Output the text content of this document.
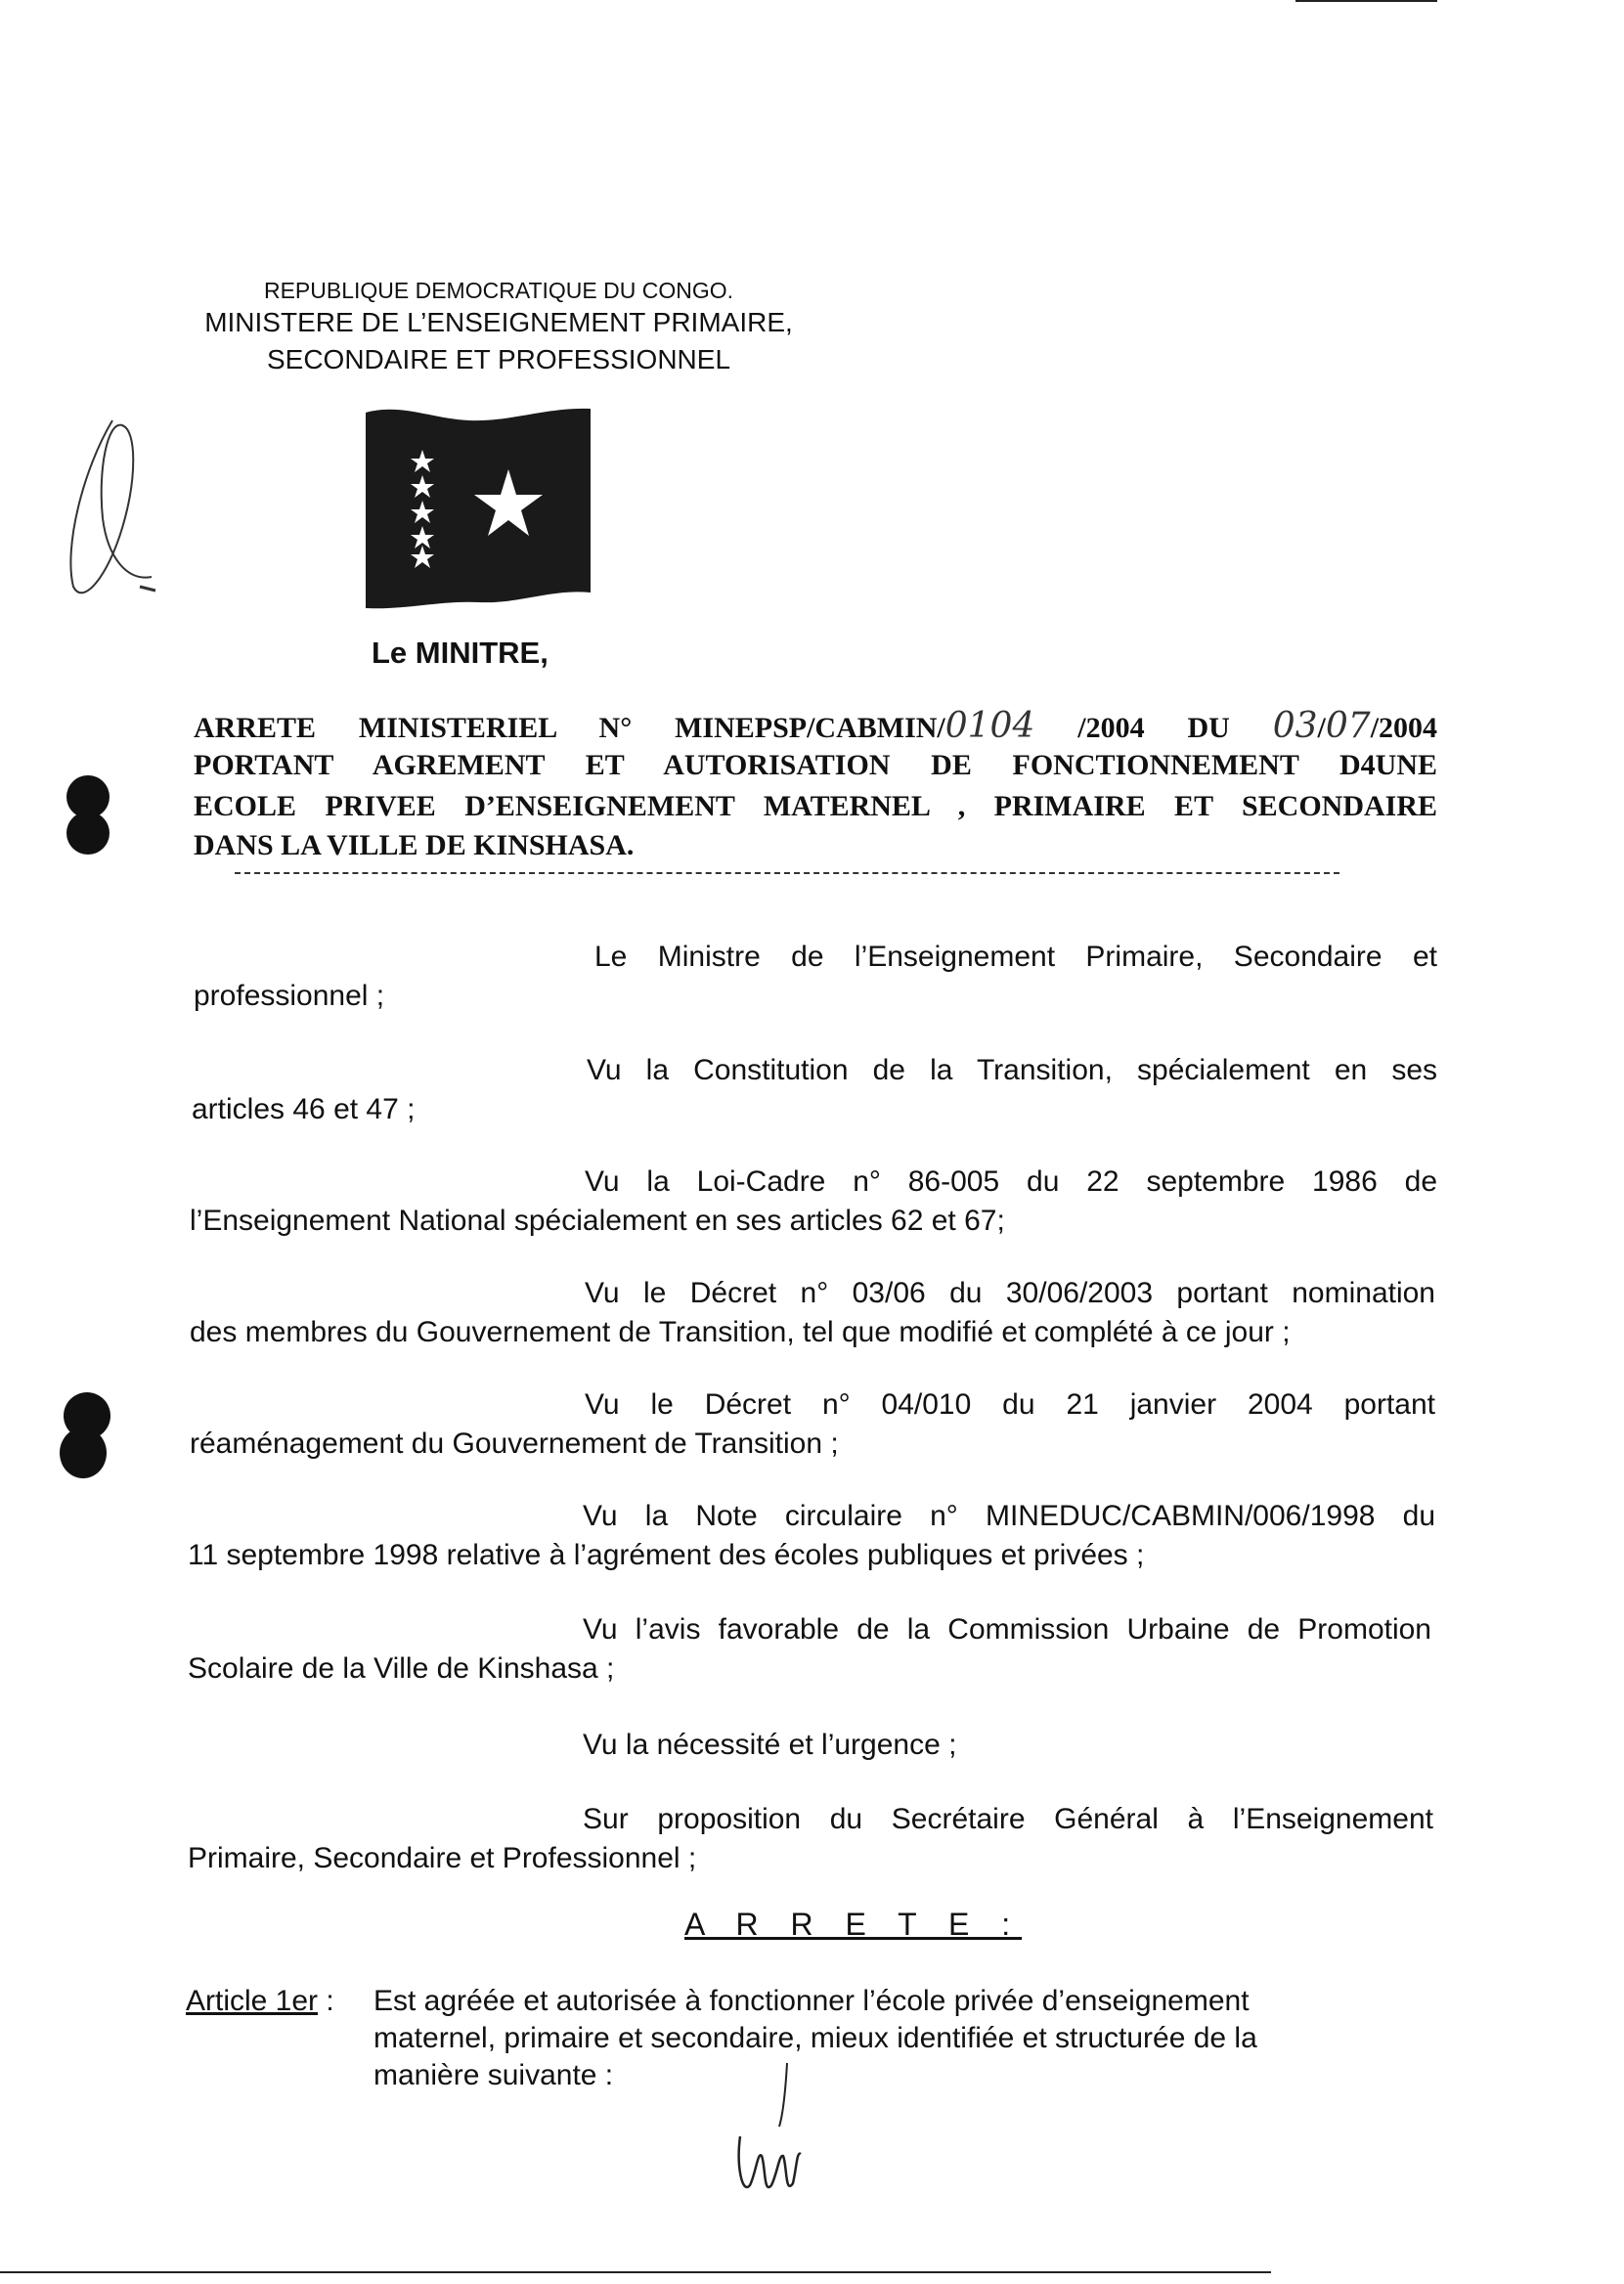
REPUBLIQUE DEMOCRATIQUE DU CONGO.
MINISTERE DE L’ENSEIGNEMENT PRIMAIRE,
SECONDAIRE ET PROFESSIONNEL
Le MINITRE,
ARRETE MINISTERIEL N° MINEPSP/CABMIN/0104 /2004 DU 03/07/2004
PORTANT AGREMENT ET AUTORISATION DE FONCTIONNEMENT D4UNE
ECOLE PRIVEE D’ENSEIGNEMENT MATERNEL , PRIMAIRE ET SECONDAIRE
DANS LA VILLE DE KINSHASA.
Le Ministre de l’Enseignement Primaire, Secondaire et
professionnel ;
Vu la Constitution de la Transition, spécialement en ses
articles 46 et 47 ;
Vu la Loi-Cadre n° 86-005 du 22 septembre 1986 de
l’Enseignement National spécialement en ses articles 62 et 67;
Vu le Décret n° 03/06 du 30/06/2003 portant nomination
des membres du Gouvernement de Transition, tel que modifié et complété à ce jour ;
Vu le Décret n° 04/010 du 21 janvier 2004 portant
réaménagement du Gouvernement de Transition ;
Vu la Note circulaire n° MINEDUC/CABMIN/006/1998 du
11 septembre 1998 relative à l’agrément des écoles publiques et privées ;
Vu l’avis favorable de la Commission Urbaine de Promotion
Scolaire de la Ville de Kinshasa ;
Vu la nécessité et l’urgence ;
Sur proposition du Secrétaire Général à l’Enseignement
Primaire, Secondaire et Professionnel ;
A R R E T E :
Article 1er : Est agréée et autorisée à fonctionner l’école privée d’enseignement
maternel, primaire et secondaire, mieux identifiée et structurée de la
manière suivante :
